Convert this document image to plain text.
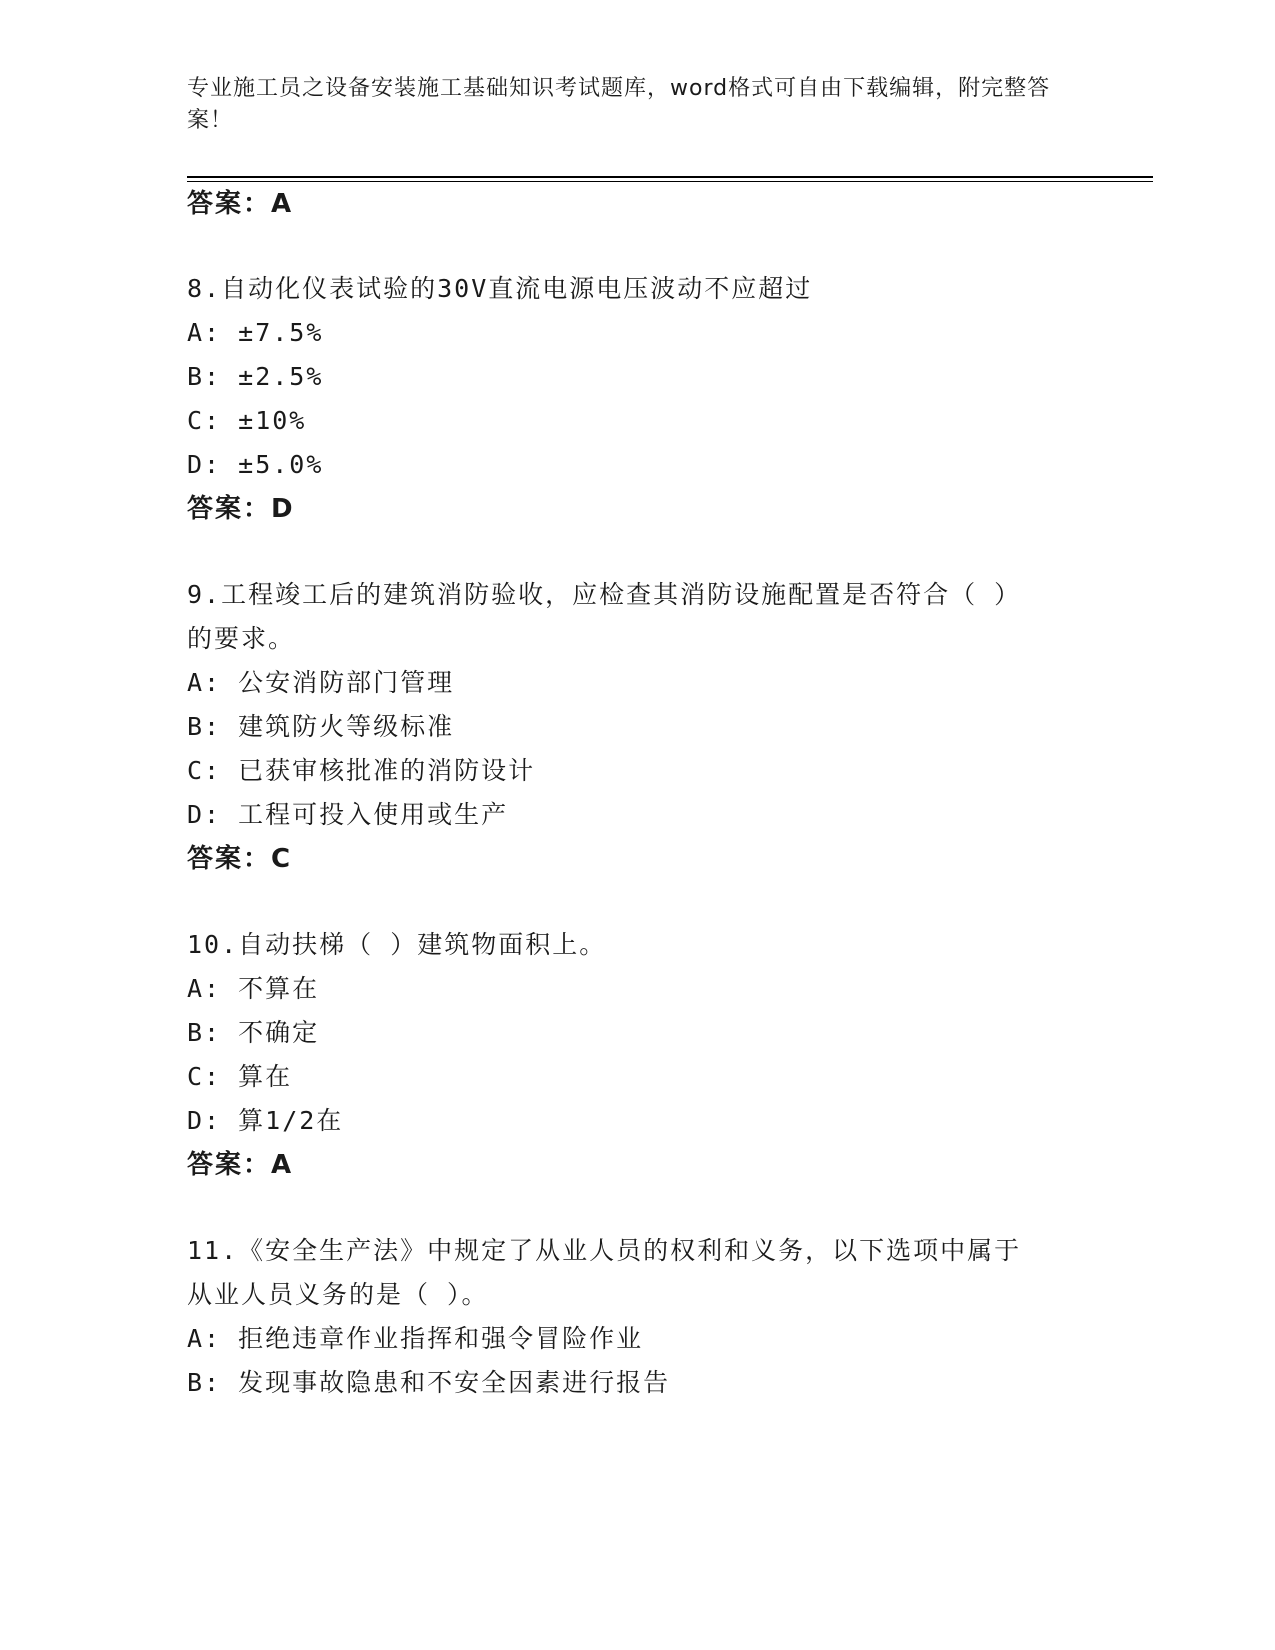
专业施工员之设备安装施工基础知识考试题库，word格式可自由下载编辑，附完整答案！
答案：A
8.自动化仪表试验的30V直流电源电压波动不应超过
A: ±7.5%
B: ±2.5%
C: ±10%
D: ±5.0%
答案：D
9.工程竣工后的建筑消防验收，应检查其消防设施配置是否符合（ ）
的要求。
A: 公安消防部门管理
B: 建筑防火等级标准
C: 已获审核批准的消防设计
D: 工程可投入使用或生产
答案：C
10.自动扶梯（ ）建筑物面积上。
A: 不算在
B: 不确定
C: 算在
D: 算1/2在
答案：A
11.《安全生产法》中规定了从业人员的权利和义务，以下选项中属于
从业人员义务的是（ ）。
A: 拒绝违章作业指挥和强令冒险作业
B: 发现事故隐患和不安全因素进行报告
